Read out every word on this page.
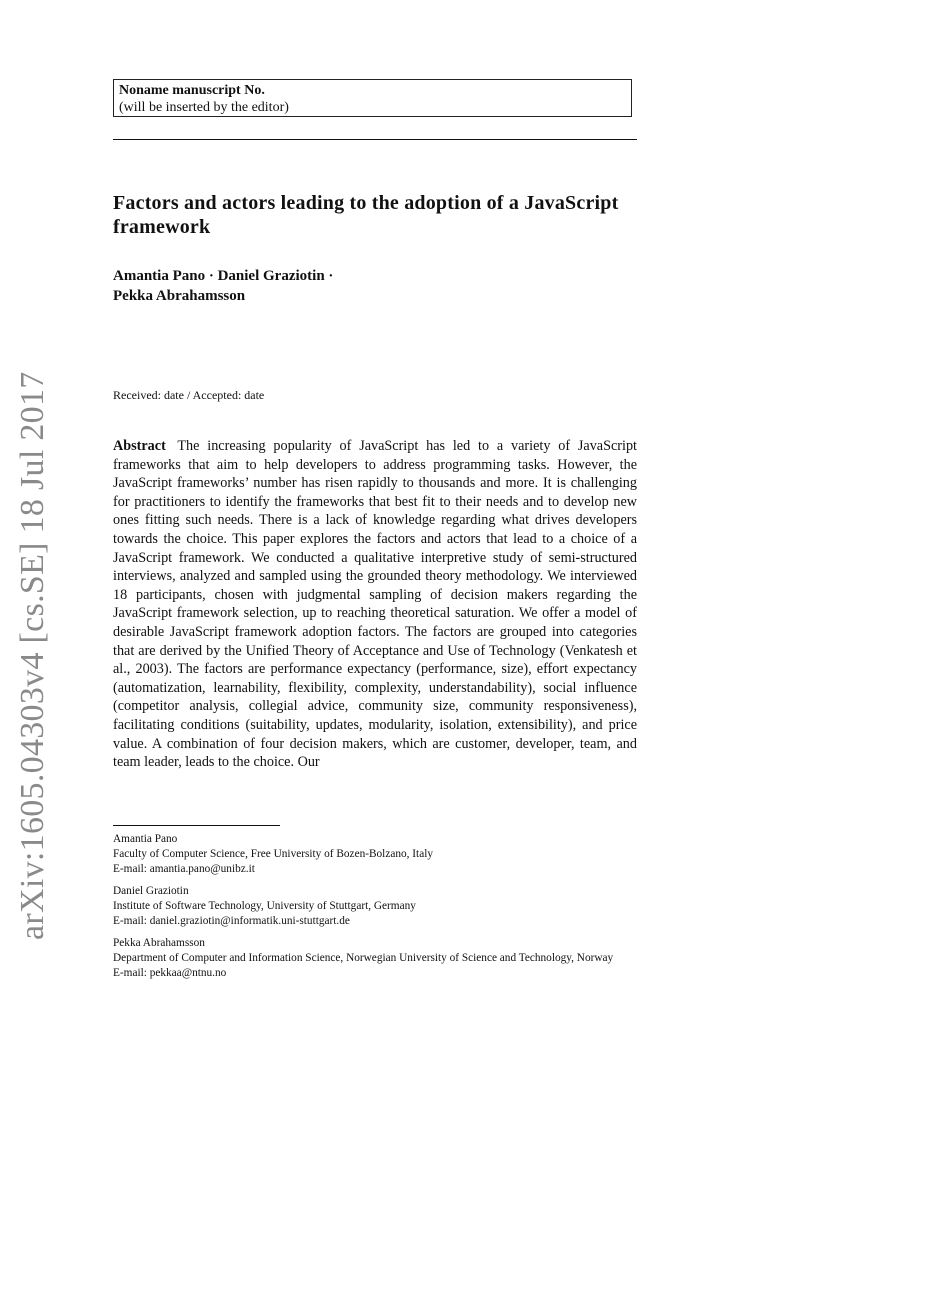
arXiv:1605.04303v4 [cs.SE] 18 Jul 2017
Noname manuscript No.
(will be inserted by the editor)
Factors and actors leading to the adoption of a JavaScript framework
Amantia Pano · Daniel Graziotin ·
Pekka Abrahamsson
Received: date / Accepted: date
Abstract The increasing popularity of JavaScript has led to a variety of JavaScript frameworks that aim to help developers to address programming tasks. However, the JavaScript frameworks’ number has risen rapidly to thousands and more. It is challenging for practitioners to identify the frameworks that best fit to their needs and to develop new ones fitting such needs. There is a lack of knowledge regarding what drives developers towards the choice. This paper explores the factors and actors that lead to a choice of a JavaScript framework. We conducted a qualitative interpretive study of semi-structured interviews, analyzed and sampled using the grounded theory methodology. We interviewed 18 participants, chosen with judgmental sampling of decision makers regarding the JavaScript framework selection, up to reaching theoretical saturation. We offer a model of desirable JavaScript framework adoption factors. The factors are grouped into categories that are derived by the Unified Theory of Acceptance and Use of Technology (Venkatesh et al., 2003). The factors are performance expectancy (performance, size), effort expectancy (automatization, learnability, flexibility, complexity, understandability), social influence (competitor analysis, collegial advice, community size, community responsiveness), facilitating conditions (suitability, updates, modularity, isolation, extensibility), and price value. A combination of four decision makers, which are customer, developer, team, and team leader, leads to the choice. Our
Amantia Pano
Faculty of Computer Science, Free University of Bozen-Bolzano, Italy
E-mail: amantia.pano@unibz.it
Daniel Graziotin
Institute of Software Technology, University of Stuttgart, Germany
E-mail: daniel.graziotin@informatik.uni-stuttgart.de
Pekka Abrahamsson
Department of Computer and Information Science, Norwegian University of Science and Technology, Norway
E-mail: pekkaa@ntnu.no
